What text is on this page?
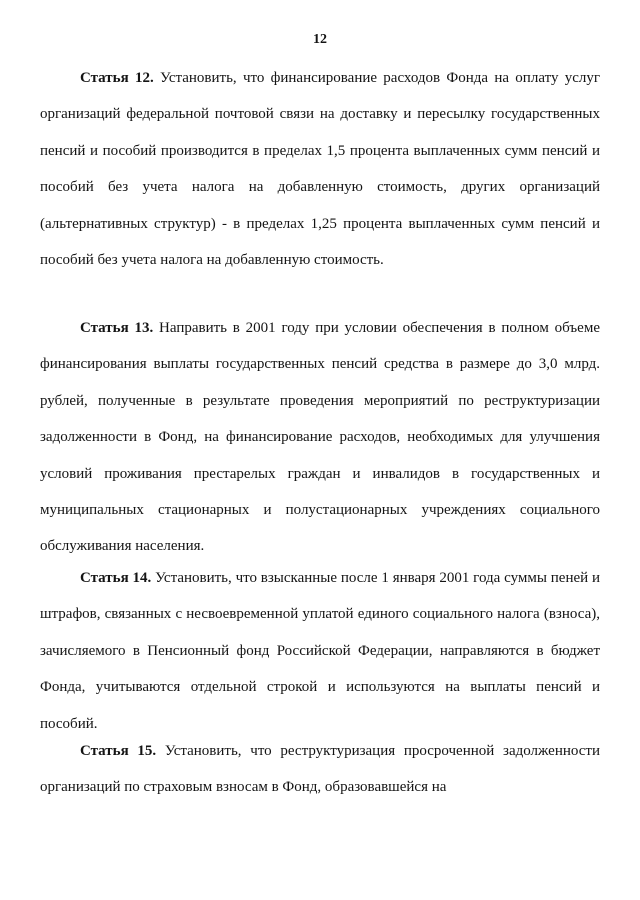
12

Статья 12. Установить, что финансирование расходов Фонда на оплату услуг организаций федеральной почтовой связи на доставку и пересылку государственных пенсий и пособий производится в пределах 1,5 процента выплаченных сумм пенсий и пособий без учета налога на добавленную стоимость, других организаций (альтернативных структур) - в пределах 1,25 процента выплаченных сумм пенсий и пособий без учета налога на добавленную стоимость.

Статья 13. Направить в 2001 году при условии обеспечения в полном объеме финансирования выплаты государственных пенсий средства в размере до 3,0 млрд. рублей, полученные в результате проведения мероприятий по реструктуризации задолженности в Фонд, на финансирование расходов, необходимых для улучшения условий проживания престарелых граждан и инвалидов в государственных и муниципальных стационарных и полустационарных учреждениях социального обслуживания населения.

Статья 14. Установить, что взысканные после 1 января 2001 года суммы пеней и штрафов, связанных с несвоевременной уплатой единого социального налога (взноса), зачисляемого в Пенсионный фонд Российской Федерации, направляются в бюджет Фонда, учитываются отдельной строкой и используются на выплаты пенсий и пособий.

Статья 15. Установить, что реструктуризация просроченной задолженности организаций по страховым взносам в Фонд, образовавшейся на
